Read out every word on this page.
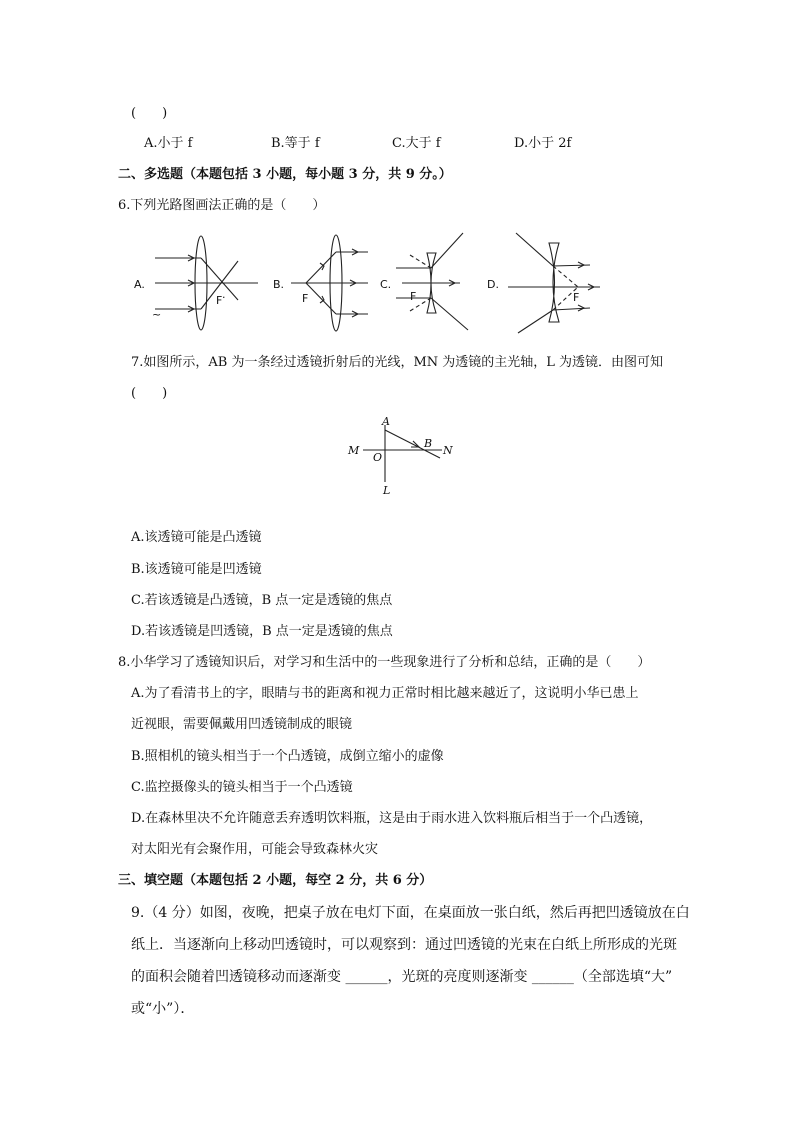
(　　)
A.小于 f	B.等于 f	C.大于 f	D.小于 2f
二、多选题（本题包括 3 小题，每小题 3 分，共 9 分。）
6.下列光路图画法正确的是（　　）
A.
F ·
~
B.
F
C.
F
D.
F
7.如图所示，AB 为一条经过透镜折射后的光线，MN 为透镜的主光轴，L 为透镜．由图可知
(　　)
A
B
M	N
O
L
A.该透镜可能是凸透镜
B.该透镜可能是凹透镜
C.若该透镜是凸透镜，B 点一定是透镜的焦点
D.若该透镜是凹透镜，B 点一定是透镜的焦点
8.小华学习了透镜知识后，对学习和生活中的一些现象进行了分析和总结，正确的是（　　）
A.为了看清书上的字，眼睛与书的距离和视力正常时相比越来越近了，这说明小华已患上
近视眼，需要佩戴用凹透镜制成的眼镜
B.照相机的镜头相当于一个凸透镜，成倒立缩小的虚像
C.监控摄像头的镜头相当于一个凸透镜
D.在森林里决不允许随意丢弃透明饮料瓶，这是由于雨水进入饮料瓶后相当于一个凸透镜，
对太阳光有会聚作用，可能会导致森林火灾
三、填空题（本题包括 2 小题，每空 2 分，共 6 分）
9.（4 分）如图，夜晚，把桌子放在电灯下面，在桌面放一张白纸，然后再把凹透镜放在白
纸上．当逐渐向上移动凹透镜时，可以观察到：通过凹透镜的光束在白纸上所形成的光斑
的面积会随着凹透镜移动而逐渐变 ______，光斑的亮度则逐渐变 ______（全部选填“大”
或“小”）．
